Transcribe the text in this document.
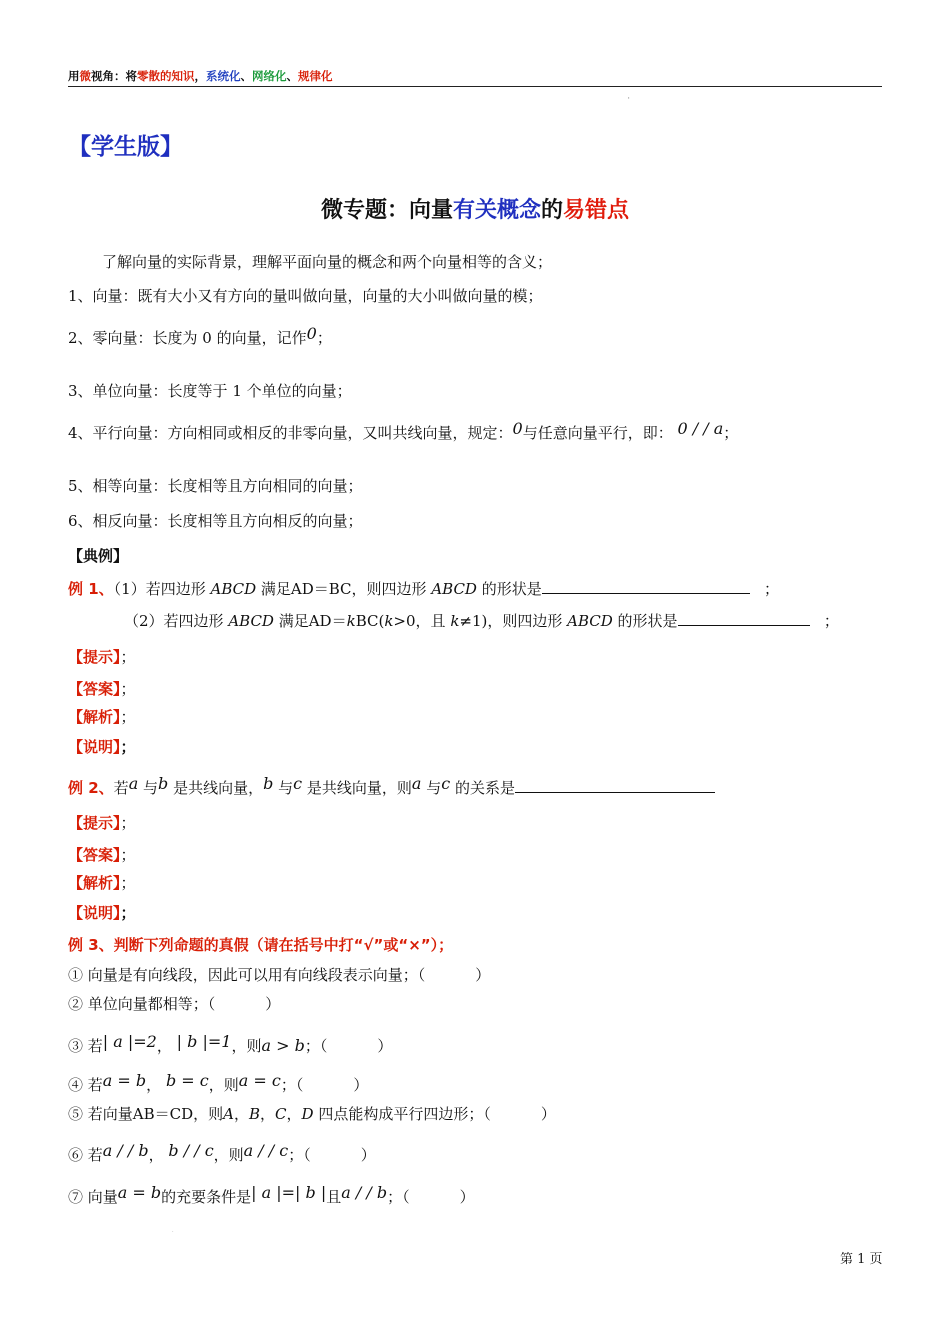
用微视角：将零散的知识，系统化、网络化、规律化
'
【学生版】
微专题：向量有关概念的易错点
了解向量的实际背景，理解平面向量的概念和两个向量相等的含义；
1、向量：既有大小又有方向的量叫做向量，向量的大小叫做向量的模；
2、零向量：长度为 0 的向量，记作0；
3、单位向量：长度等于 1 个单位的向量；
4、平行向量：方向相同或相反的非零向量，又叫共线向量，规定：0与任意向量平行，即： 0 / / a；
5、相等向量：长度相等且方向相同的向量；
6、相反向量：长度相等且方向相反的向量；
【典例】
例 1、（1）若四边形 ABCD 满足AD＝BC，则四边形 ABCD 的形状是	；
（2）若四边形 ABCD 满足AD＝kBC(k>0，且 k≠1)，则四边形 ABCD 的形状是	；
【提示】；
【答案】；
【解析】；
【说明】；
例 2、若a 与b 是共线向量，b 与c 是共线向量，则a 与c 的关系是
【提示】；
【答案】；
【解析】；
【说明】；
例 3、判断下列命题的真假（请在括号中打“√”或“×”）；
① 向量是有向线段，因此可以用有向线段表示向量；（	）
② 单位向量都相等；（	）
③ 若| a |=2， | b |=1，则a > b；（	）
④ 若a = b， b = c，则a = c；（	）
⑤ 若向量AB＝CD，则A，B，C，D 四点能构成平行四边形；（	）
⑥ 若a / / b， b / / c，则a / / c；（	）
⑦ 向量a = b的充要条件是| a |=| b |且a / / b；（	）
.
第 1 页
